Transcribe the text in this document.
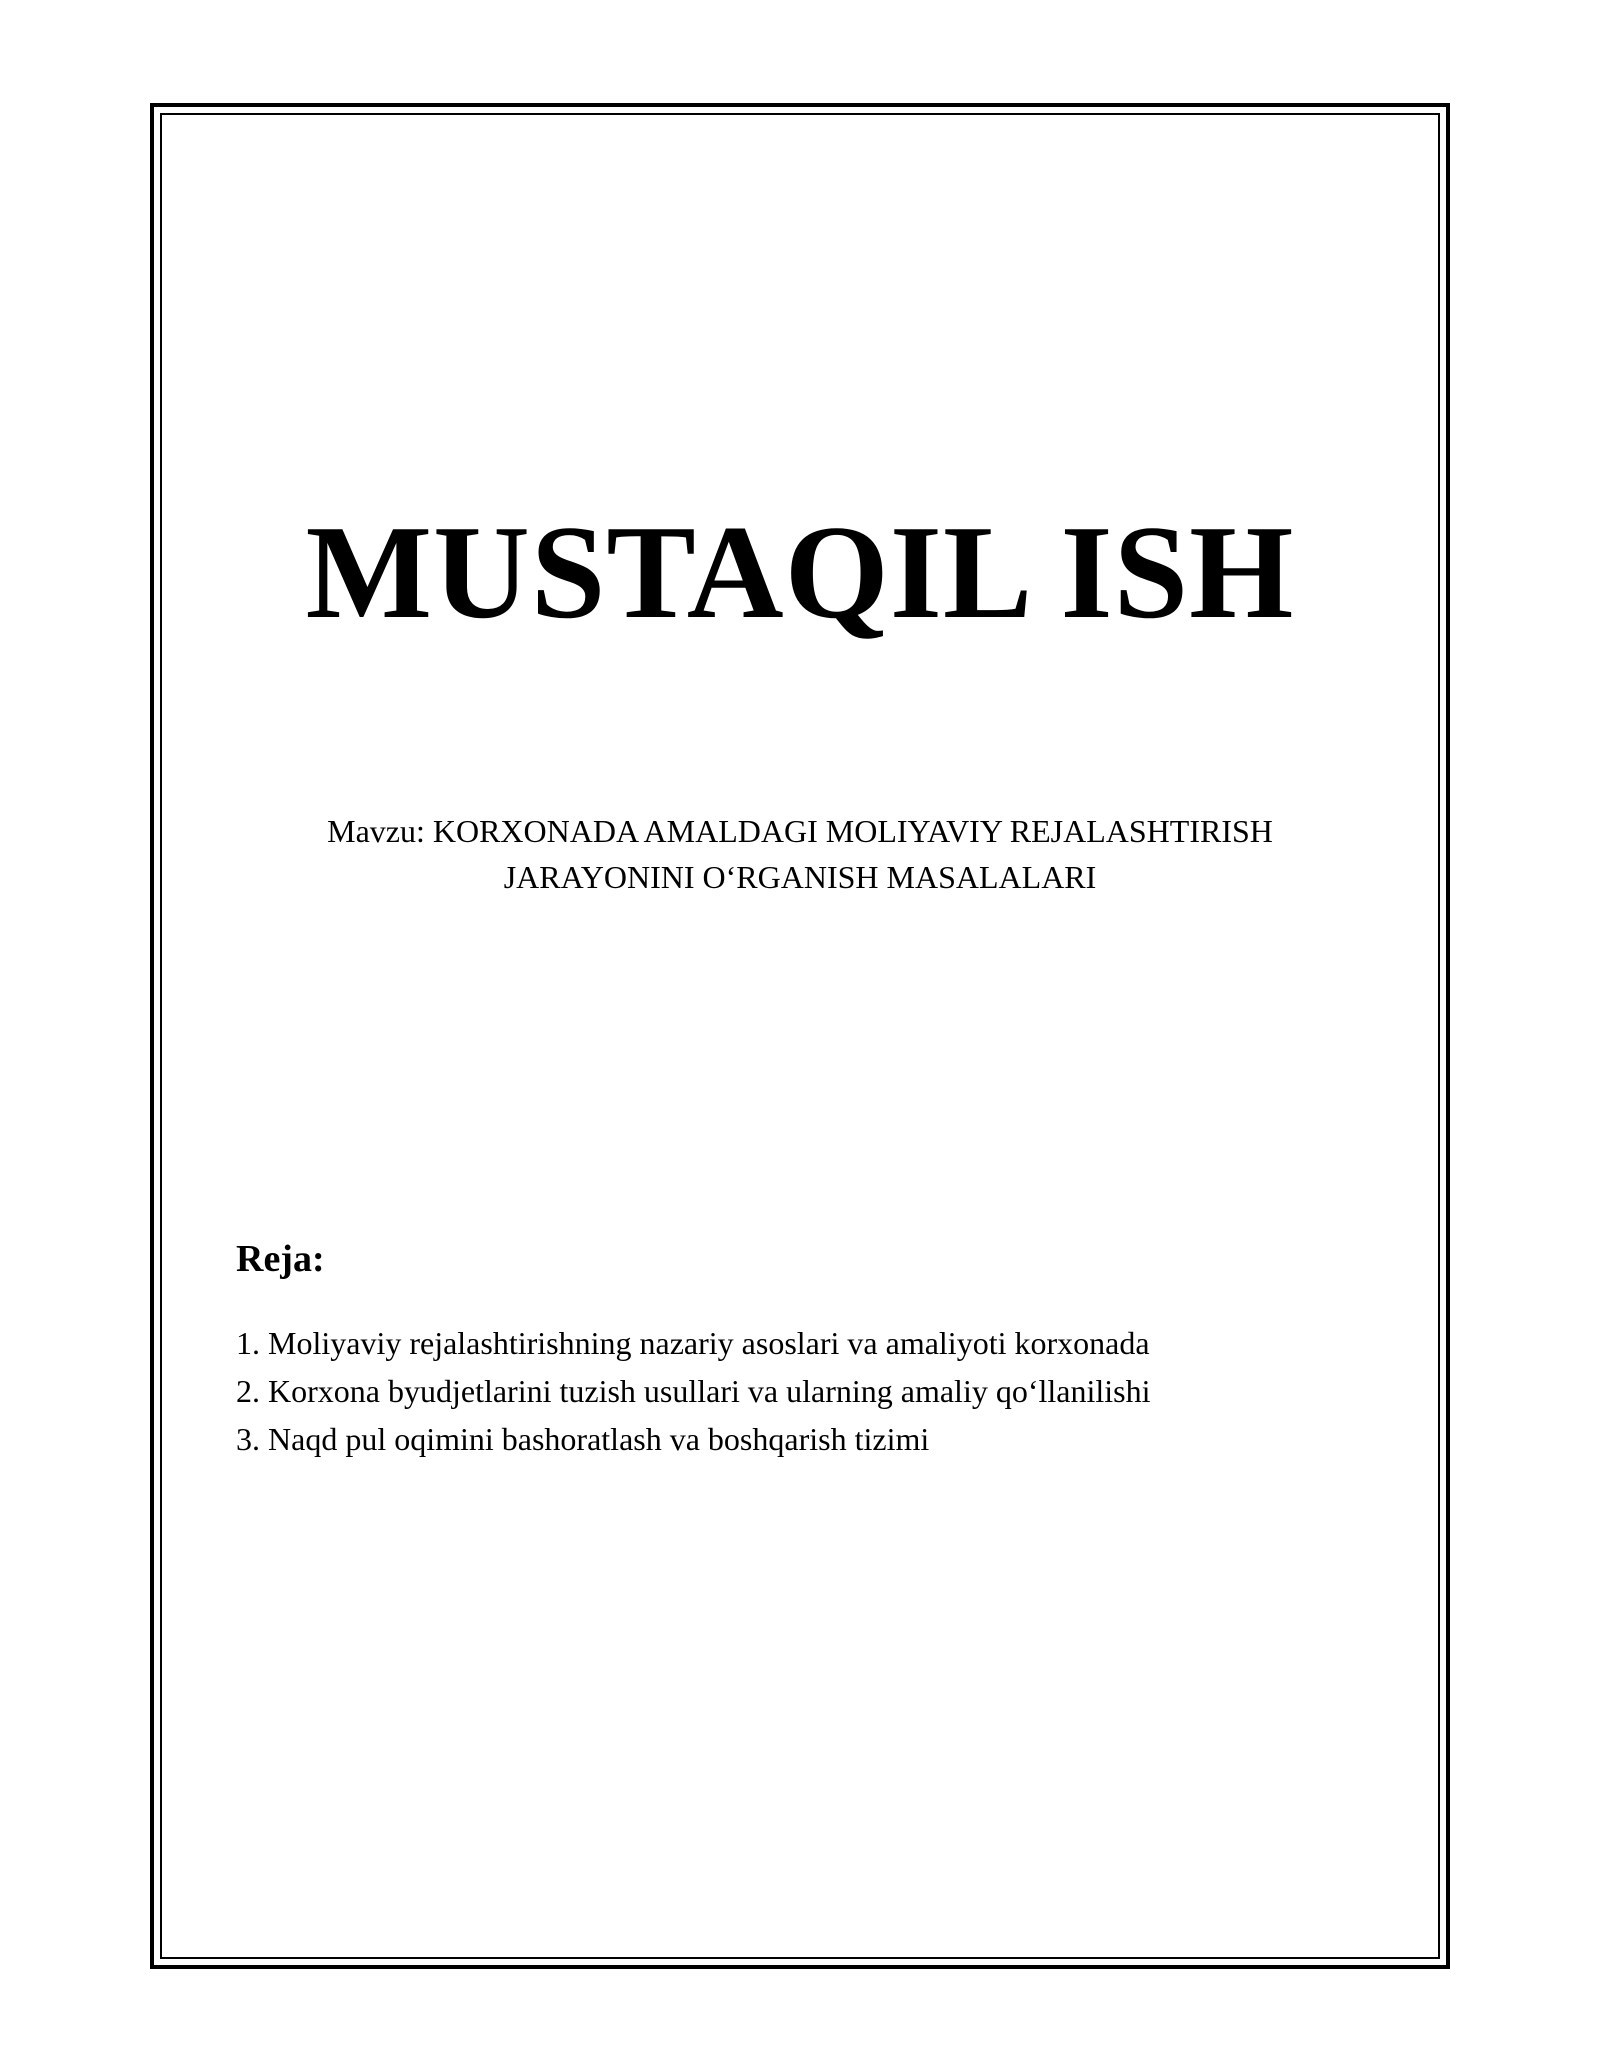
MUSTAQIL ISH
Mavzu: KORXONADA AMALDAGI MOLIYAVIY REJALASHTIRISH
JARAYONINI O‘RGANISH MASALALARI
Reja:
1. Moliyaviy rejalashtirishning nazariy asoslari va amaliyoti korxonada
2. Korxona byudjetlarini tuzish usullari va ularning amaliy qo‘llanilishi
3. Naqd pul oqimini bashoratlash va boshqarish tizimi
